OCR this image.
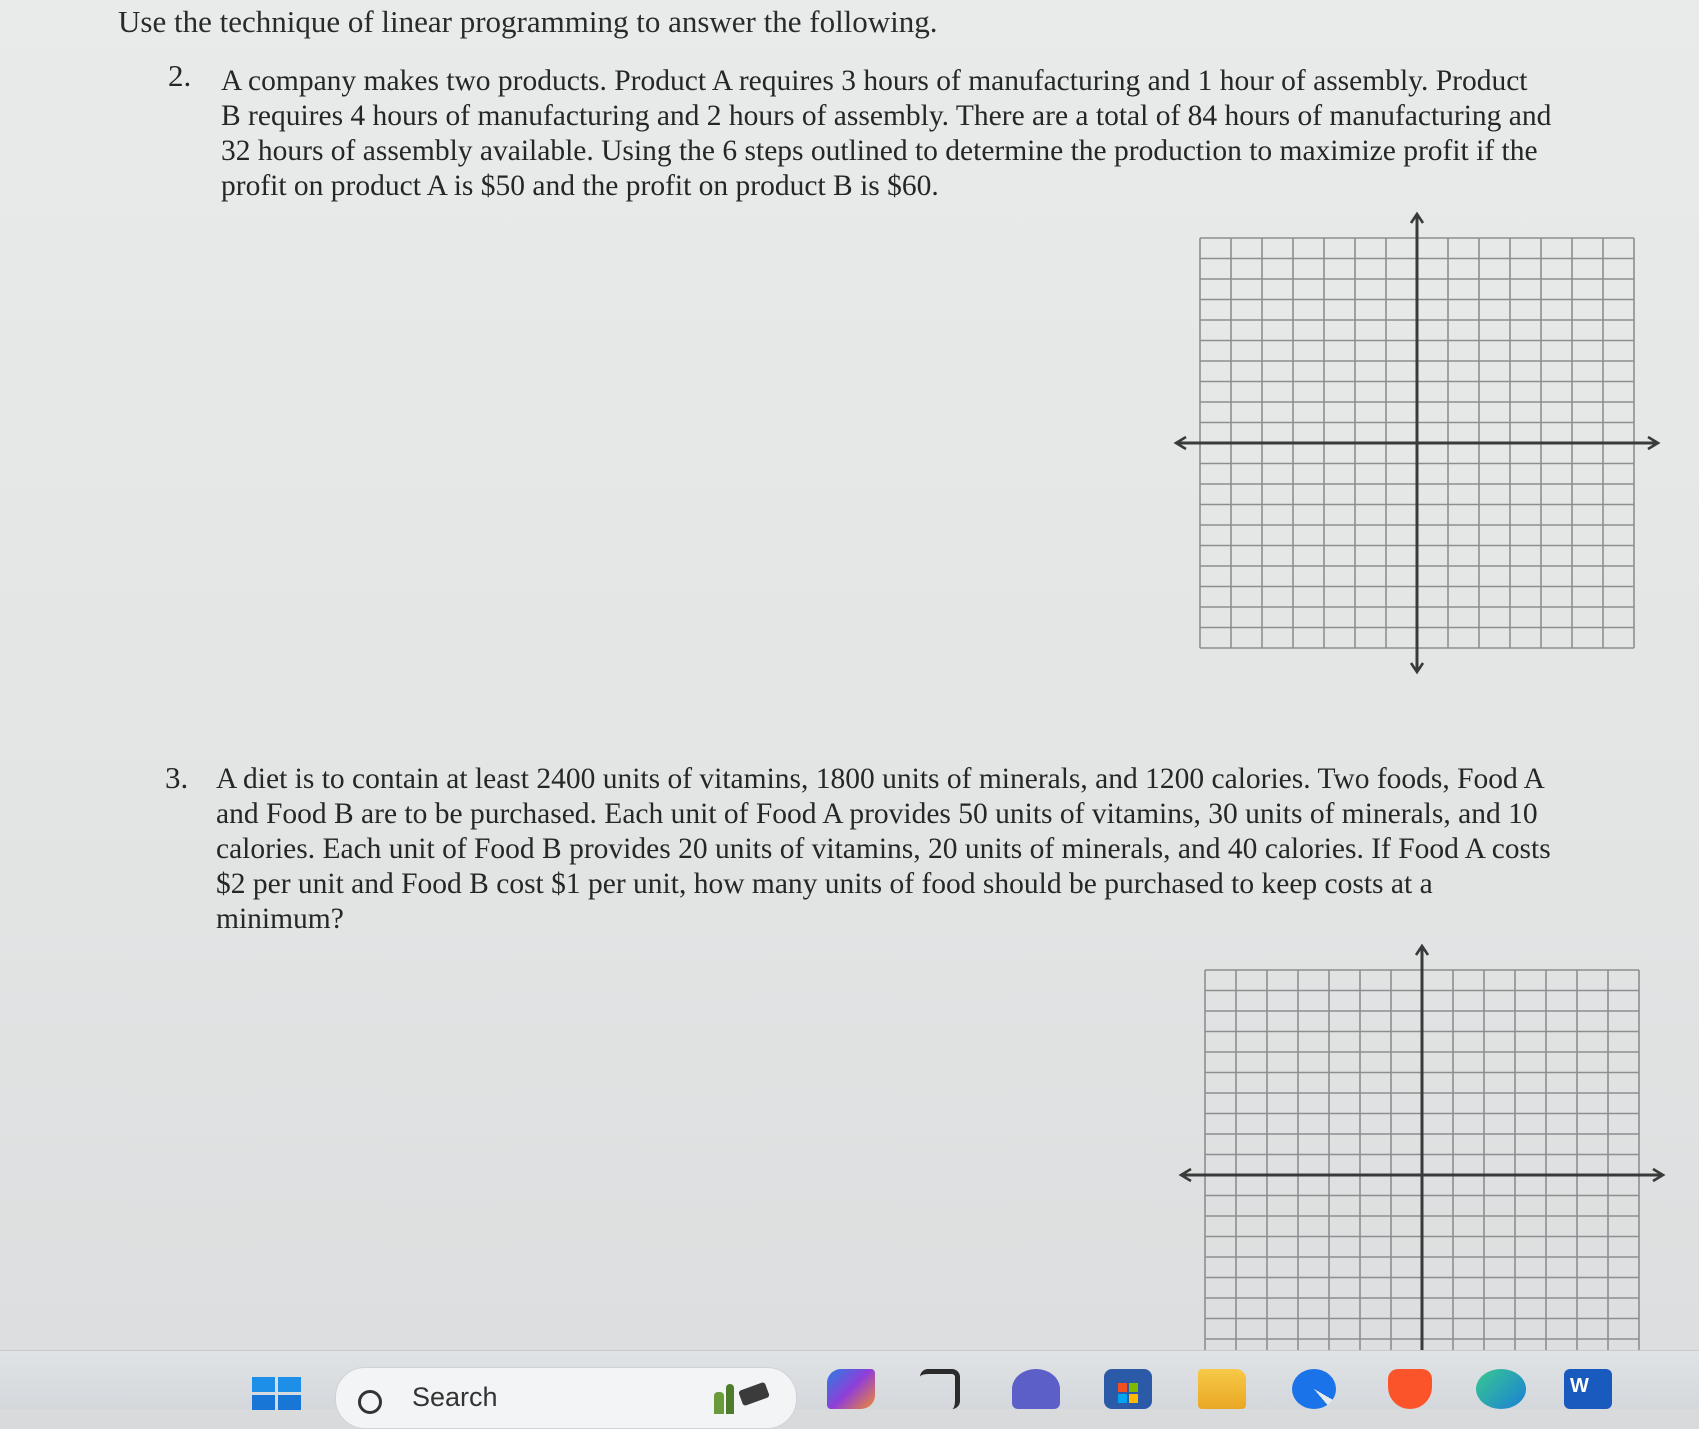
Use the technique of linear programming to answer the following.
2. A company makes two products. Product A requires 3 hours of manufacturing and 1 hour of assembly. Product
B requires 4 hours of manufacturing and 2 hours of assembly. There are a total of 84 hours of manufacturing and
32 hours of assembly available. Using the 6 steps outlined to determine the production to maximize profit if the
profit on product A is $50 and the profit on product B is $60.
3. A diet is to contain at least 2400 units of vitamins, 1800 units of minerals, and 1200 calories. Two foods, Food A
and Food B are to be purchased. Each unit of Food A provides 50 units of vitamins, 30 units of minerals, and 10
calories. Each unit of Food B provides 20 units of vitamins, 20 units of minerals, and 40 calories. If Food A costs
$2 per unit and Food B cost $1 per unit, how many units of food should be purchased to keep costs at a
minimum?
Search	W
